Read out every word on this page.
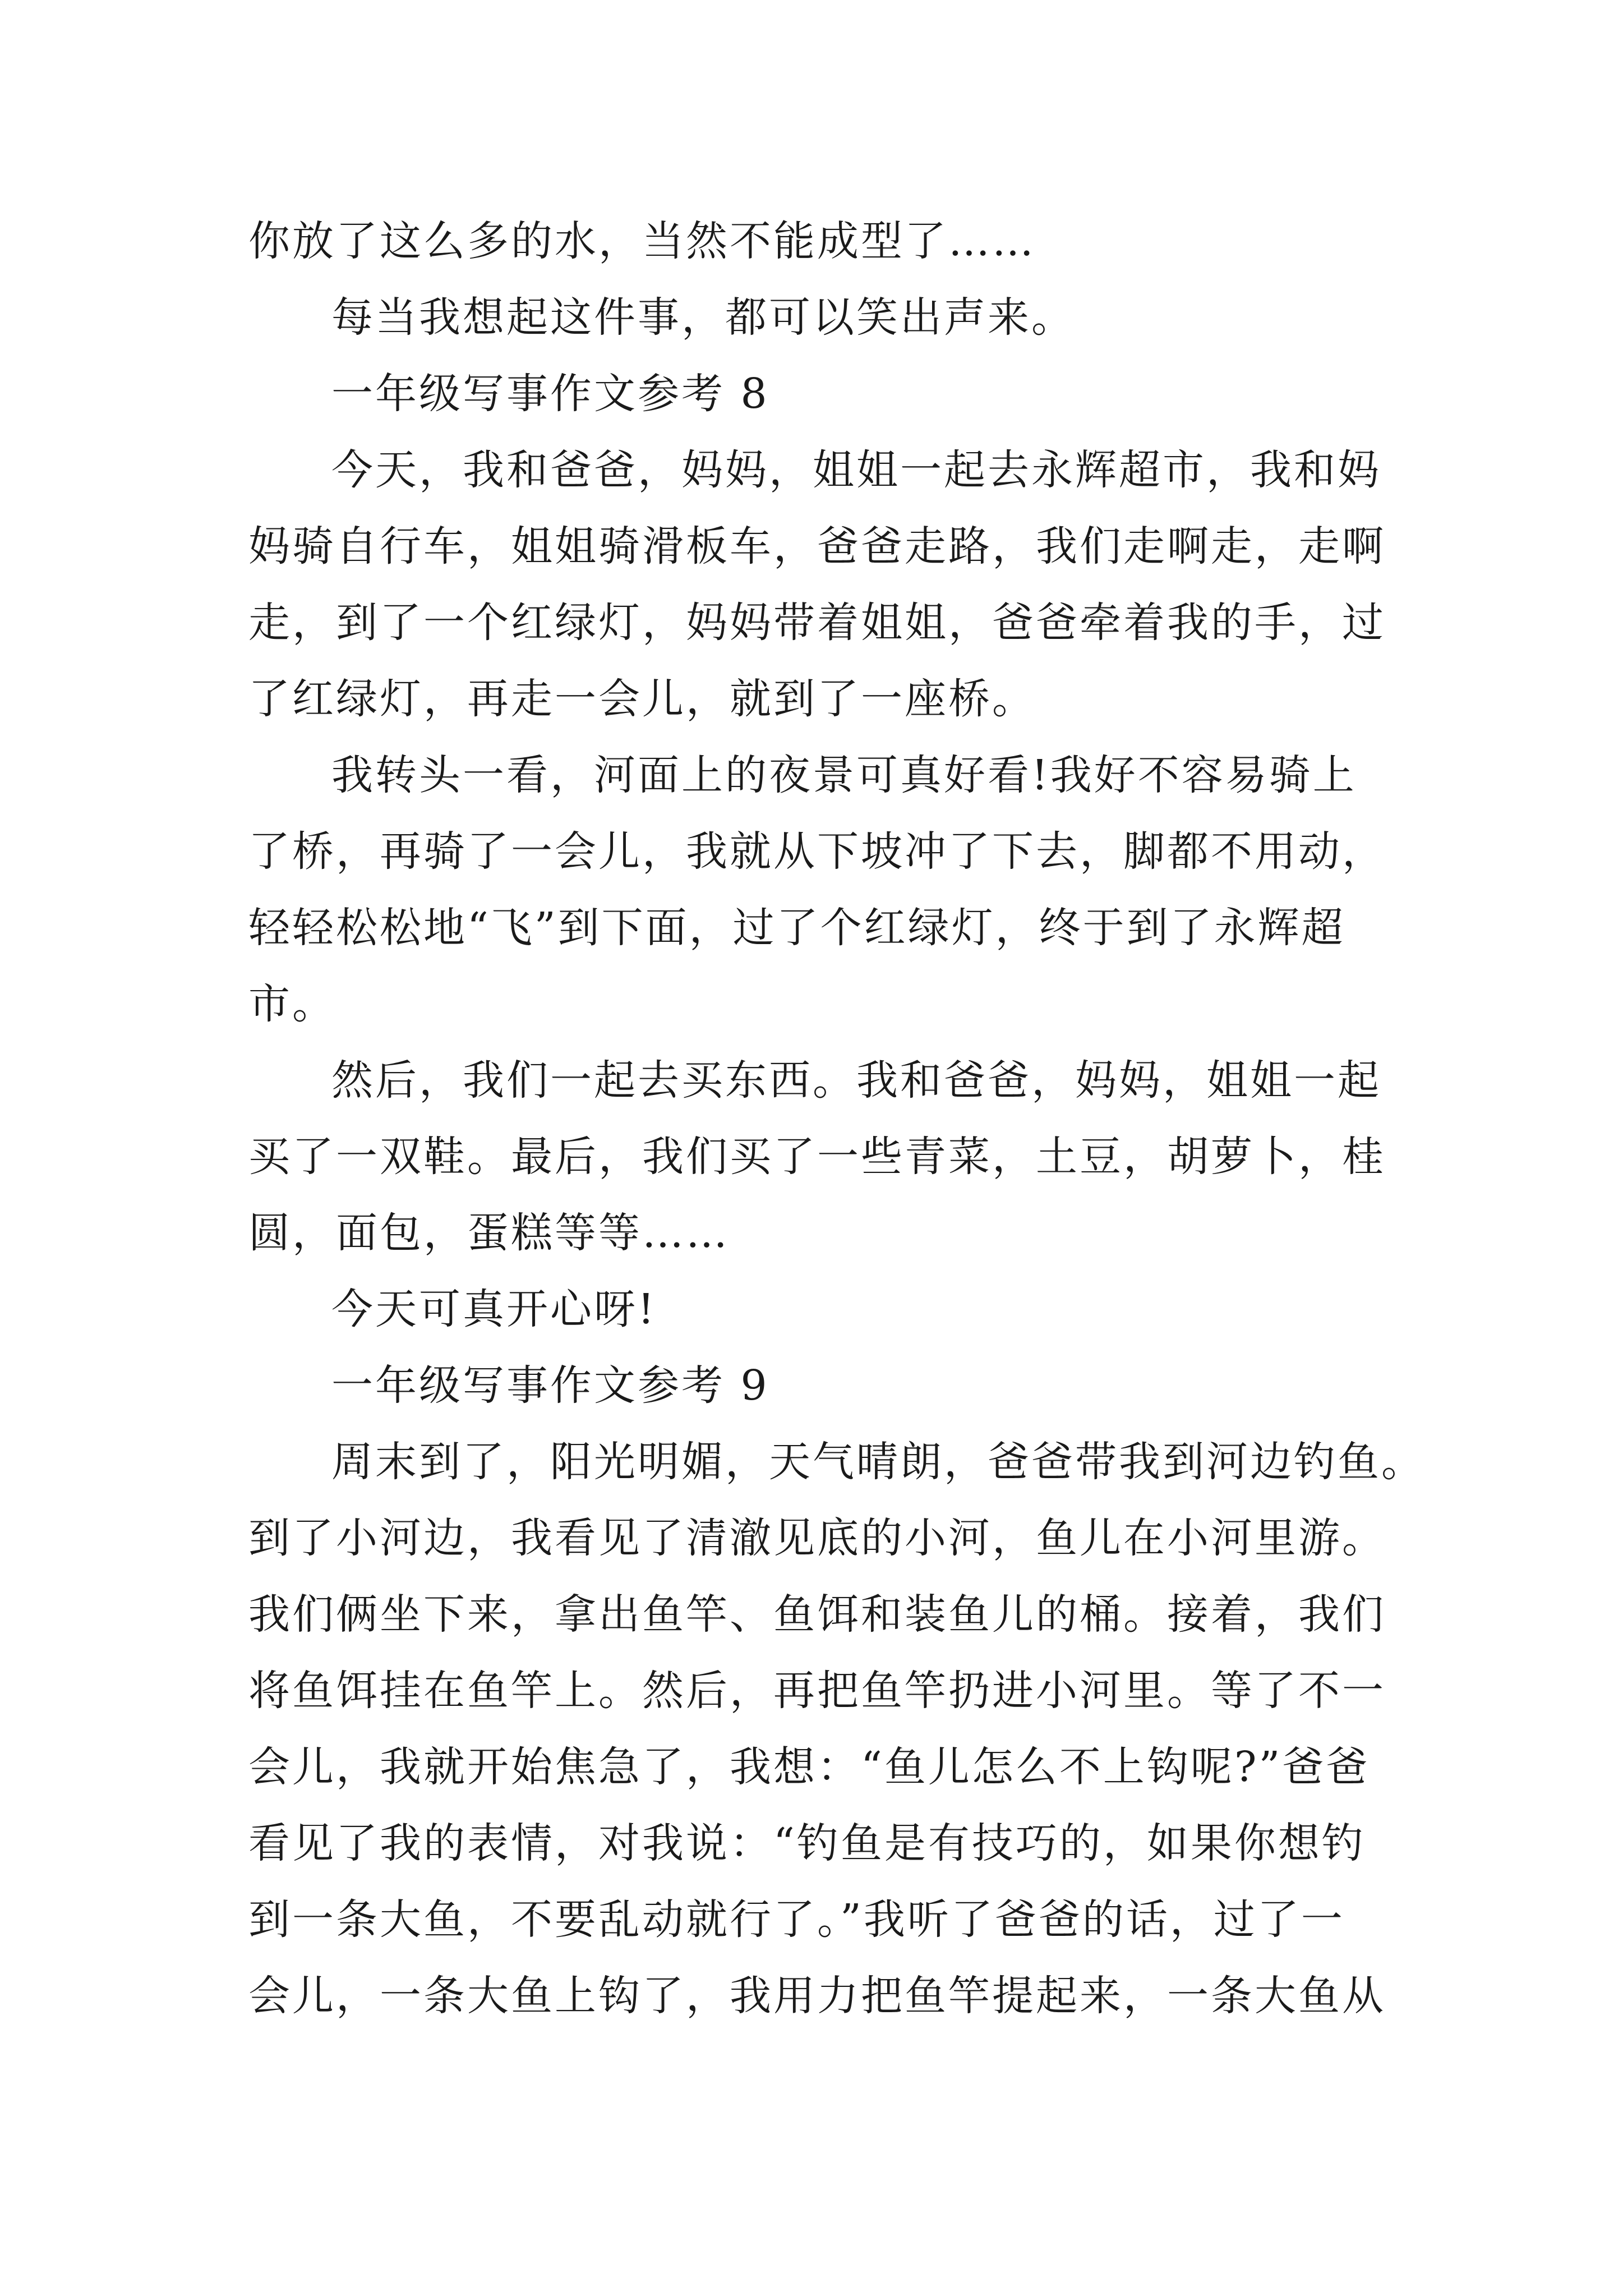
你放了这么多的水，当然不能成型了……
每当我想起这件事，都可以笑出声来。
一年级写事作文参考 8
今天，我和爸爸，妈妈，姐姐一起去永辉超市，我和妈
妈骑自行车，姐姐骑滑板车，爸爸走路，我们走啊走，走啊
走，到了一个红绿灯，妈妈带着姐姐，爸爸牵着我的手，过
了红绿灯，再走一会儿，就到了一座桥。
我转头一看，河面上的夜景可真好看!我好不容易骑上
了桥，再骑了一会儿，我就从下坡冲了下去，脚都不用动，
轻轻松松地“飞”到下面，过了个红绿灯，终于到了永辉超
市。
然后，我们一起去买东西。我和爸爸，妈妈，姐姐一起
买了一双鞋。最后，我们买了一些青菜，土豆，胡萝卜，桂
圆，面包，蛋糕等等……
今天可真开心呀!
一年级写事作文参考 9
周末到了，阳光明媚，天气晴朗，爸爸带我到河边钓鱼。
到了小河边，我看见了清澈见底的小河，鱼儿在小河里游。
我们俩坐下来，拿出鱼竿、鱼饵和装鱼儿的桶。接着，我们
将鱼饵挂在鱼竿上。然后，再把鱼竿扔进小河里。等了不一
会儿，我就开始焦急了，我想：“鱼儿怎么不上钩呢?”爸爸
看见了我的表情，对我说：“钓鱼是有技巧的，如果你想钓
到一条大鱼，不要乱动就行了。”我听了爸爸的话，过了一
会儿，一条大鱼上钩了，我用力把鱼竿提起来，一条大鱼从
